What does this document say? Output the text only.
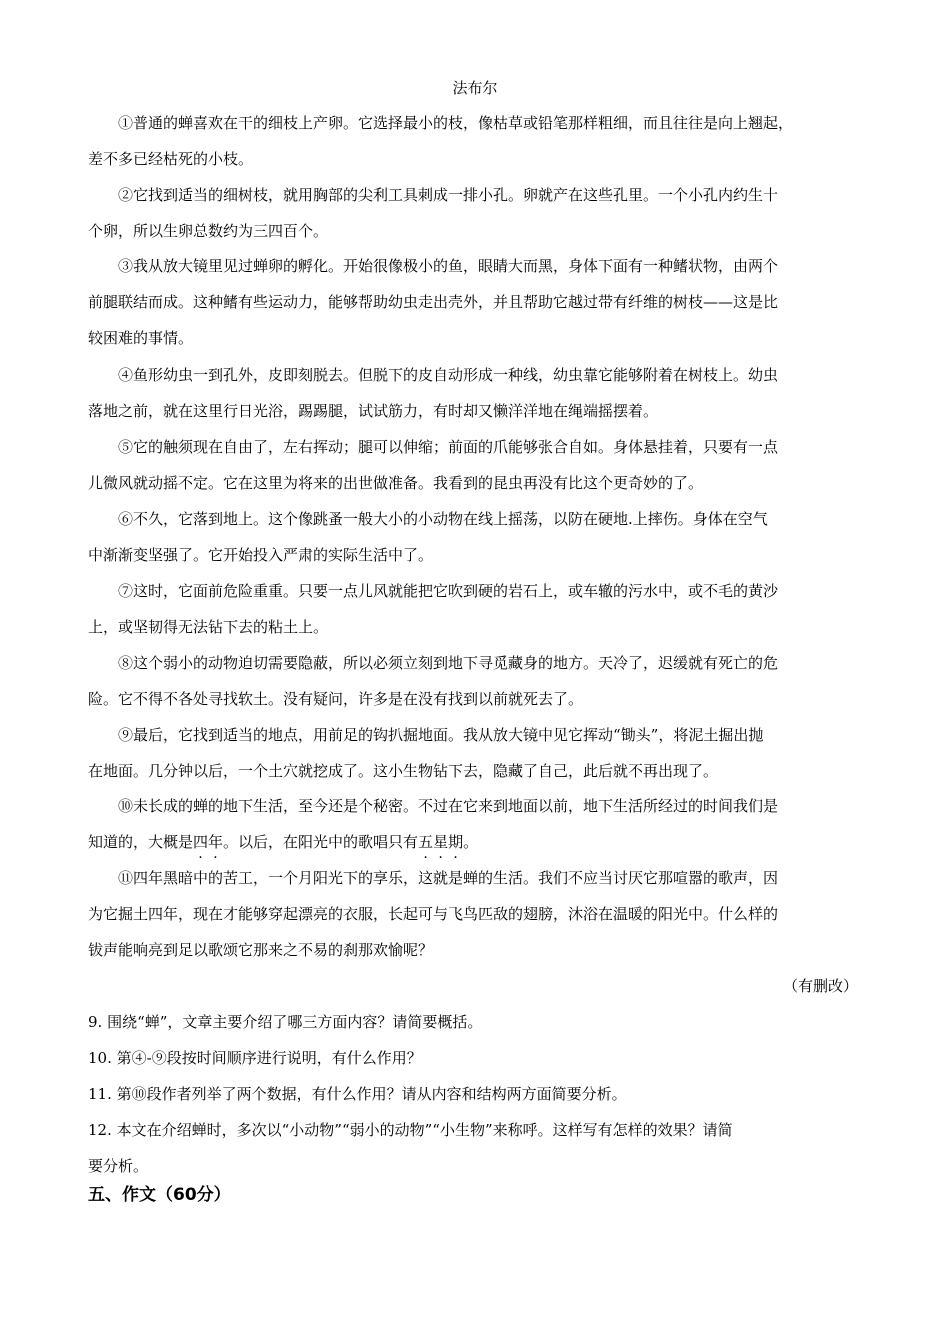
法布尔
①普通的蝉喜欢在干的细枝上产卵。它选择最小的枝，像枯草或铅笔那样粗细，而且往往是向上翘起，
差不多已经枯死的小枝。
②它找到适当的细树枝，就用胸部的尖利工具刺成一排小孔。卵就产在这些孔里。一个小孔内约生十
个卵，所以生卵总数约为三四百个。
③我从放大镜里见过蝉卵的孵化。开始很像极小的鱼，眼睛大而黑，身体下面有一种鳍状物，由两个
前腿联结而成。这种鳍有些运动力，能够帮助幼虫走出壳外，并且帮助它越过带有纤维的树枝——这是比
较困难的事情。
④鱼形幼虫一到孔外，皮即刻脱去。但脱下的皮自动形成一种线，幼虫靠它能够附着在树枝上。幼虫
落地之前，就在这里行日光浴，踢踢腿，试试筋力，有时却又懒洋洋地在绳端摇摆着。
⑤它的触须现在自由了，左右挥动；腿可以伸缩；前面的爪能够张合自如。身体悬挂着，只要有一点
儿微风就动摇不定。它在这里为将来的出世做准备。我看到的昆虫再没有比这个更奇妙的了。
⑥不久，它落到地上。这个像跳蚤一般大小的小动物在线上摇荡，以防在硬地.上摔伤。身体在空气
中渐渐变坚强了。它开始投入严肃的实际生活中了。
⑦这时，它面前危险重重。只要一点儿风就能把它吹到硬的岩石上，或车辙的污水中，或不毛的黄沙
上，或坚韧得无法钻下去的粘土上。
⑧这个弱小的动物迫切需要隐蔽，所以必须立刻到地下寻觅藏身的地方。天冷了，迟缓就有死亡的危
险。它不得不各处寻找软土。没有疑问，许多是在没有找到以前就死去了。
⑨最后，它找到适当的地点，用前足的钩扒掘地面。我从放大镜中见它挥动“锄头”，将泥土掘出抛
在地面。几分钟以后，一个土穴就挖成了。这小生物钻下去，隐藏了自己，此后就不再出现了。
⑩未长成的蝉的地下生活，至今还是个秘密。不过在它来到地面以前，地下生活所经过的时间我们是
知道的，大概是四年。以后，在阳光中的歌唱只有五星期。
⑪四年黑暗中的苦工，一个月阳光下的享乐，这就是蝉的生活。我们不应当讨厌它那喧嚣的歌声，因
为它掘土四年，现在才能够穿起漂亮的衣服，长起可与飞鸟匹敌的翅膀，沐浴在温暖的阳光中。什么样的
钹声能响亮到足以歌颂它那来之不易的刹那欢愉呢？
（有删改）
9. 围绕“蝉”，文章主要介绍了哪三方面内容？请简要概括。
10. 第④-⑨段按时间顺序进行说明，有什么作用？
11. 第⑩段作者列举了两个数据，有什么作用？请从内容和结构两方面简要分析。
12. 本文在介绍蝉时，多次以“小动物”“弱小的动物”“小生物”来称呼。这样写有怎样的效果？请简
要分析。
五、作文（60分）
